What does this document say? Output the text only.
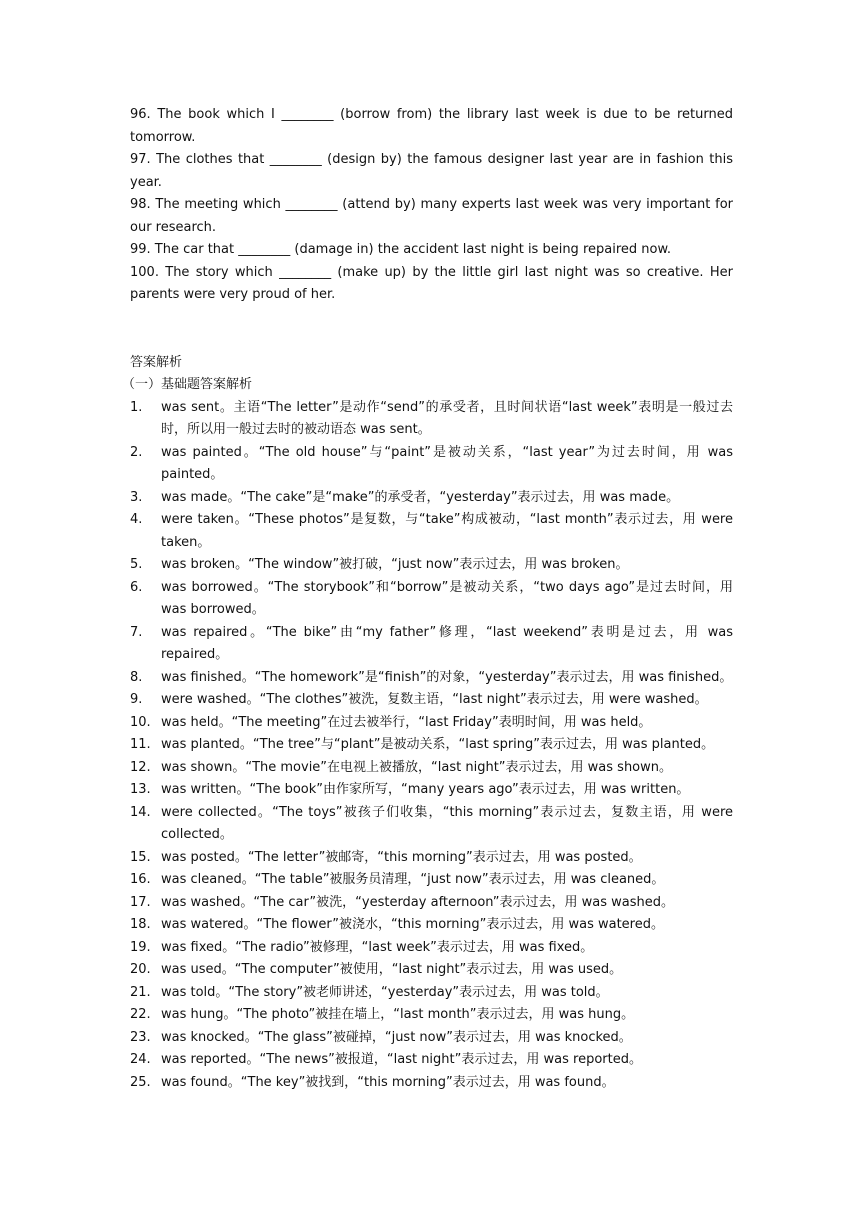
96. The book which I ________ (borrow from) the library last week is due to be returned tomorrow.

97. The clothes that ________ (design by) the famous designer last year are in fashion this year.

98. The meeting which ________ (attend by) many experts last week was very important for our research.

99. The car that ________ (damage in) the accident last night is being repaired now.

100. The story which ________ (make up) by the little girl last night was so creative. Her parents were very proud of her.

答案解析

（一）基础题答案解析

1.	was sent。主语“The letter”是动作“send”的承受者，且时间状语“last week”表明是一般过去时，所以用一般过去时的被动语态 was sent。
2.	was painted。“The old house”与“paint”是被动关系，“last year”为过去时间，用 was painted。
3.	was made。“The cake”是“make”的承受者，“yesterday”表示过去，用 was made。
4.	were taken。“These photos”是复数，与“take”构成被动，“last month”表示过去，用 were taken。
5.	was broken。“The window”被打破，“just now”表示过去，用 was broken。
6.	was borrowed。“The storybook”和“borrow”是被动关系，“two days ago”是过去时间，用 was borrowed。
7.	was repaired。“The bike”由“my father”修理，“last weekend”表明是过去，用 was repaired。
8.	was finished。“The homework”是“finish”的对象，“yesterday”表示过去，用 was finished。
9.	were washed。“The clothes”被洗，复数主语，“last night”表示过去，用 were washed。
10. was held。“The meeting”在过去被举行，“last Friday”表明时间，用 was held。
11. was planted。“The tree”与“plant”是被动关系，“last spring”表示过去，用 was planted。
12. was shown。“The movie”在电视上被播放，“last night”表示过去，用 was shown。
13. was written。“The book”由作家所写，“many years ago”表示过去，用 was written。
14. were collected。“The toys”被孩子们收集，“this morning”表示过去，复数主语，用 were collected。
15. was posted。“The letter”被邮寄，“this morning”表示过去，用 was posted。
16. was cleaned。“The table”被服务员清理，“just now”表示过去，用 was cleaned。
17. was washed。“The car”被洗，“yesterday afternoon”表示过去，用 was washed。
18. was watered。“The flower”被浇水，“this morning”表示过去，用 was watered。
19. was fixed。“The radio”被修理，“last week”表示过去，用 was fixed。
20. was used。“The computer”被使用，“last night”表示过去，用 was used。
21. was told。“The story”被老师讲述，“yesterday”表示过去，用 was told。
22. was hung。“The photo”被挂在墙上，“last month”表示过去，用 was hung。
23. was knocked。“The glass”被碰掉，“just now”表示过去，用 was knocked。
24. was reported。“The news”被报道，“last night”表示过去，用 was reported。
25. was found。“The key”被找到，“this morning”表示过去，用 was found。
